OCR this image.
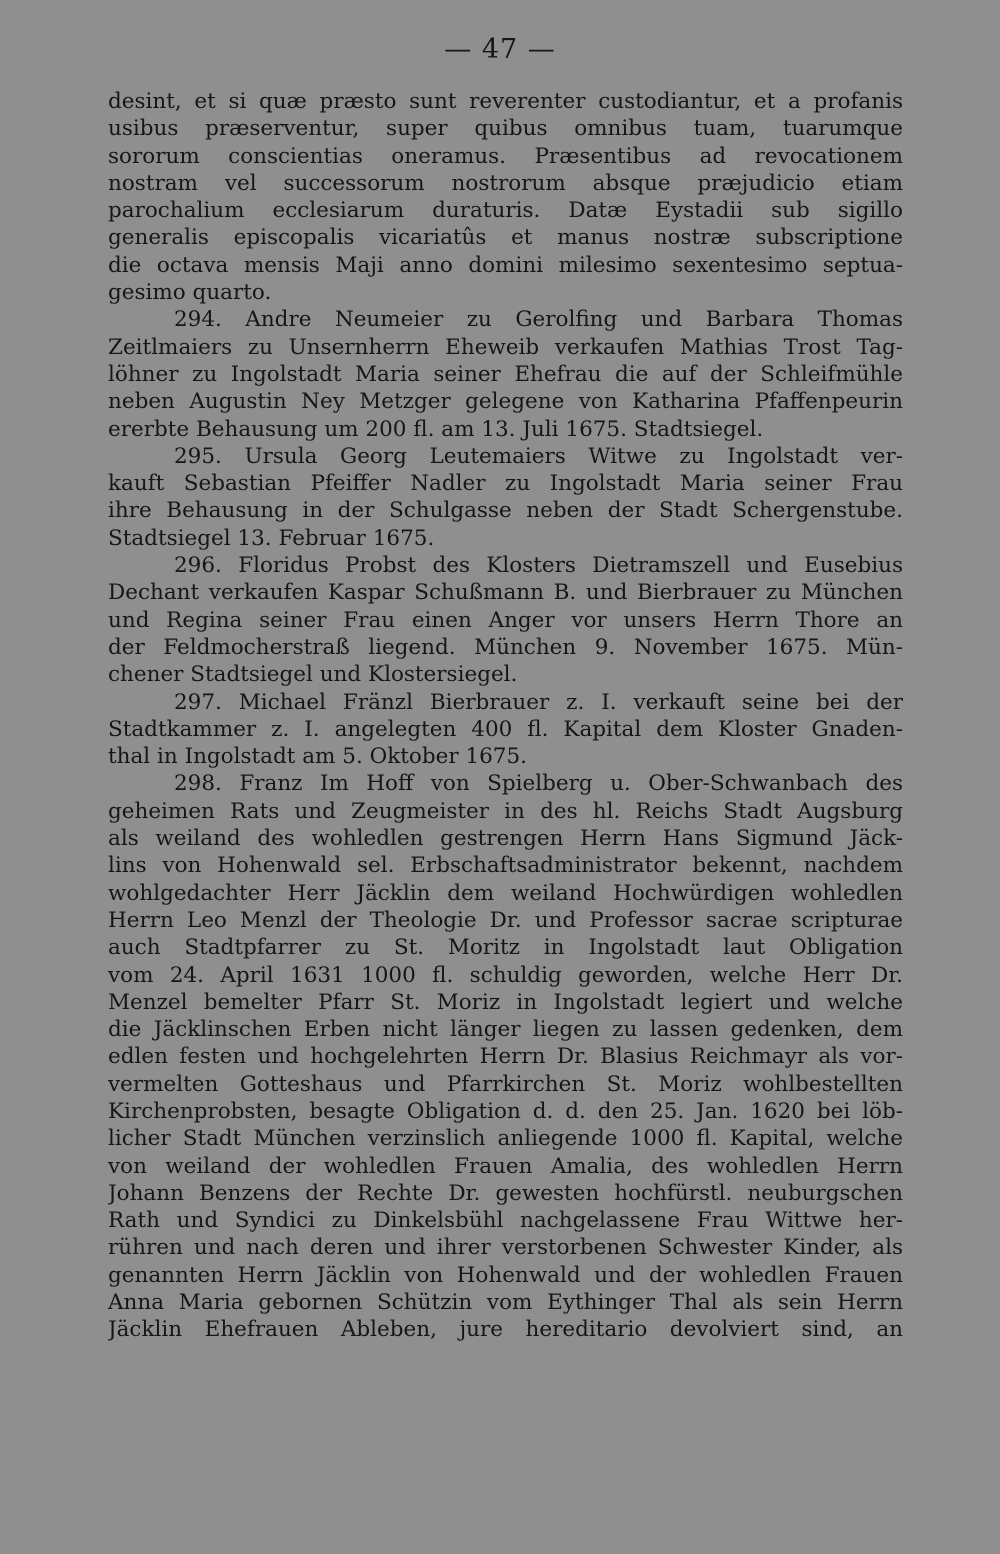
— 47 —
desint, et si quæ præsto sunt reverenter custodiantur, et a profanis
usibus præserventur, super quibus omnibus tuam, tuarumque
sororum conscientias oneramus. Præsentibus ad revocationem
nostram vel successorum nostrorum absque præjudicio etiam
parochalium ecclesiarum duraturis. Datæ Eystadii sub sigillo
generalis episcopalis vicariatûs et manus nostræ subscriptione
die octava mensis Maji anno domini milesimo sexentesimo septua-
gesimo quarto.
294. Andre Neumeier zu Gerolfing und Barbara Thomas
Zeitlmaiers zu Unsernherrn Eheweib verkaufen Mathias Trost Tag-
löhner zu Ingolstadt Maria seiner Ehefrau die auf der Schleifmühle
neben Augustin Ney Metzger gelegene von Katharina Pfaffenpeurin
ererbte Behausung um 200 fl. am 13. Juli 1675. Stadtsiegel.
295. Ursula Georg Leutemaiers Witwe zu Ingolstadt ver-
kauft Sebastian Pfeiffer Nadler zu Ingolstadt Maria seiner Frau
ihre Behausung in der Schulgasse neben der Stadt Schergenstube.
Stadtsiegel 13. Februar 1675.
296. Floridus Probst des Klosters Dietramszell und Eusebius
Dechant verkaufen Kaspar Schußmann B. und Bierbrauer zu München
und Regina seiner Frau einen Anger vor unsers Herrn Thore an
der Feldmocherstraß liegend. München 9. November 1675. Mün-
chener Stadtsiegel und Klostersiegel.
297. Michael Fränzl Bierbrauer z. I. verkauft seine bei der
Stadtkammer z. I. angelegten 400 fl. Kapital dem Kloster Gnaden-
thal in Ingolstadt am 5. Oktober 1675.
298. Franz Im Hoff von Spielberg u. Ober-Schwanbach des
geheimen Rats und Zeugmeister in des hl. Reichs Stadt Augsburg
als weiland des wohledlen gestrengen Herrn Hans Sigmund Jäck-
lins von Hohenwald sel. Erbschaftsadministrator bekennt, nachdem
wohlgedachter Herr Jäcklin dem weiland Hochwürdigen wohledlen
Herrn Leo Menzl der Theologie Dr. und Professor sacrae scripturae
auch Stadtpfarrer zu St. Moritz in Ingolstadt laut Obligation
vom 24. April 1631 1000 fl. schuldig geworden, welche Herr Dr.
Menzel bemelter Pfarr St. Moriz in Ingolstadt legiert und welche
die Jäcklinschen Erben nicht länger liegen zu lassen gedenken, dem
edlen festen und hochgelehrten Herrn Dr. Blasius Reichmayr als vor-
vermelten Gotteshaus und Pfarrkirchen St. Moriz wohlbestellten
Kirchenprobsten, besagte Obligation d. d. den 25. Jan. 1620 bei löb-
licher Stadt München verzinslich anliegende 1000 fl. Kapital, welche
von weiland der wohledlen Frauen Amalia, des wohledlen Herrn
Johann Benzens der Rechte Dr. gewesten hochfürstl. neuburgschen
Rath und Syndici zu Dinkelsbühl nachgelassene Frau Wittwe her-
rühren und nach deren und ihrer verstorbenen Schwester Kinder, als
genannten Herrn Jäcklin von Hohenwald und der wohledlen Frauen
Anna Maria gebornen Schützin vom Eythinger Thal als sein Herrn
Jäcklin Ehefrauen Ableben, jure hereditario devolviert sind, an
